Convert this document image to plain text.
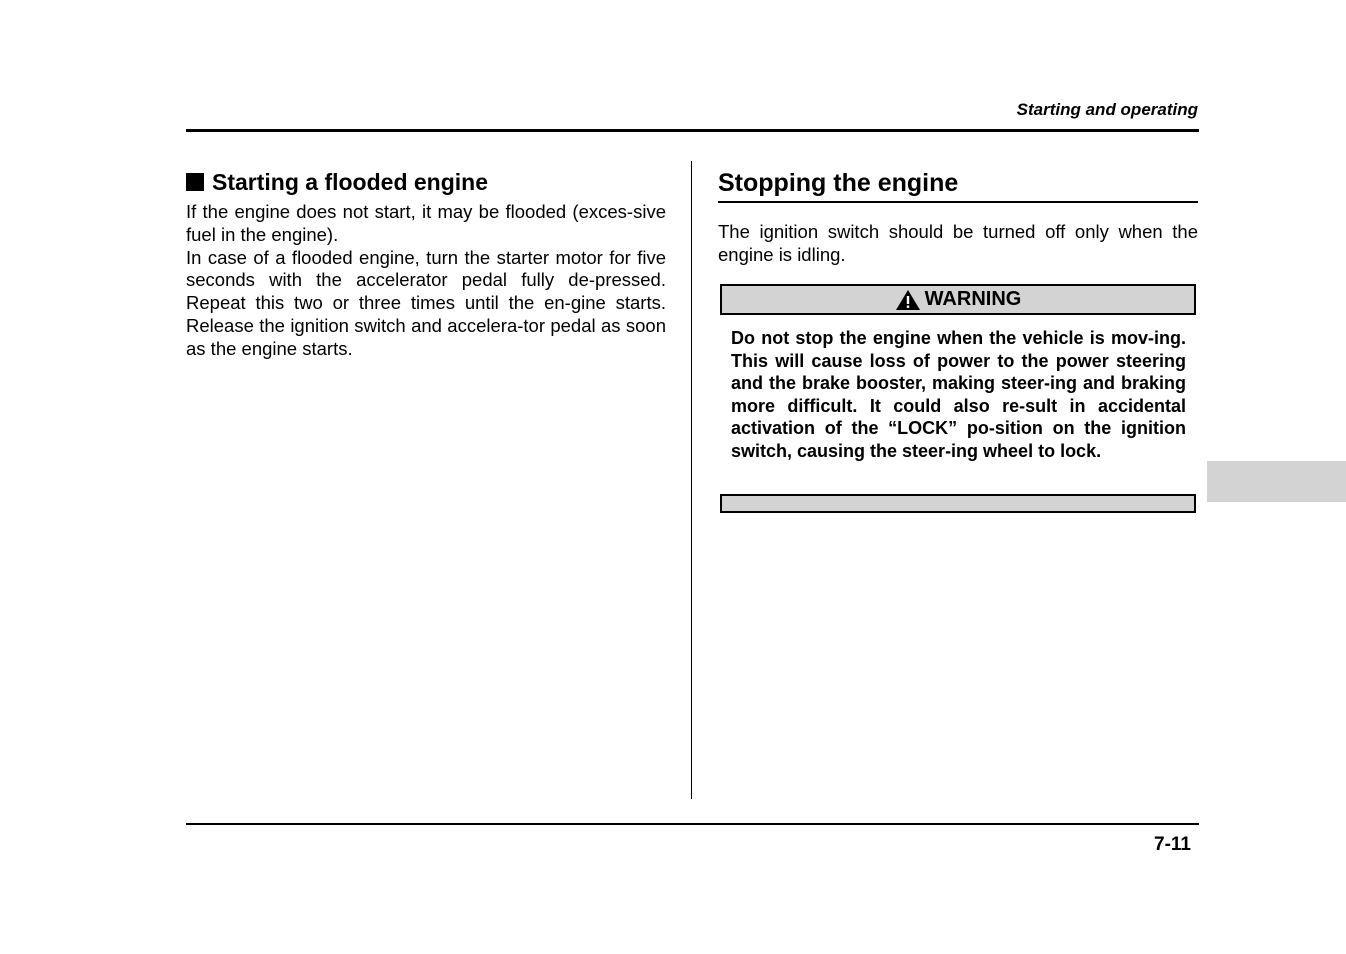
Starting and operating
Starting a flooded engine

If the engine does not start, it may be flooded (exces-sive fuel in the engine).

In case of a flooded engine, turn the starter motor for five seconds with the accelerator pedal fully de-pressed. Repeat this two or three times until the en-gine starts. Release the ignition switch and accelera-tor pedal as soon as the engine starts.

Stopping the engine

The ignition switch should be turned off only when the engine is idling.

WARNING
Do not stop the engine when the vehicle is mov-ing. This will cause loss of power to the power steering and the brake booster, making steer-ing and braking more difficult. It could also re-sult in accidental activation of the “LOCK” po-sition on the ignition switch, causing the steer-ing wheel to lock.
7-11
